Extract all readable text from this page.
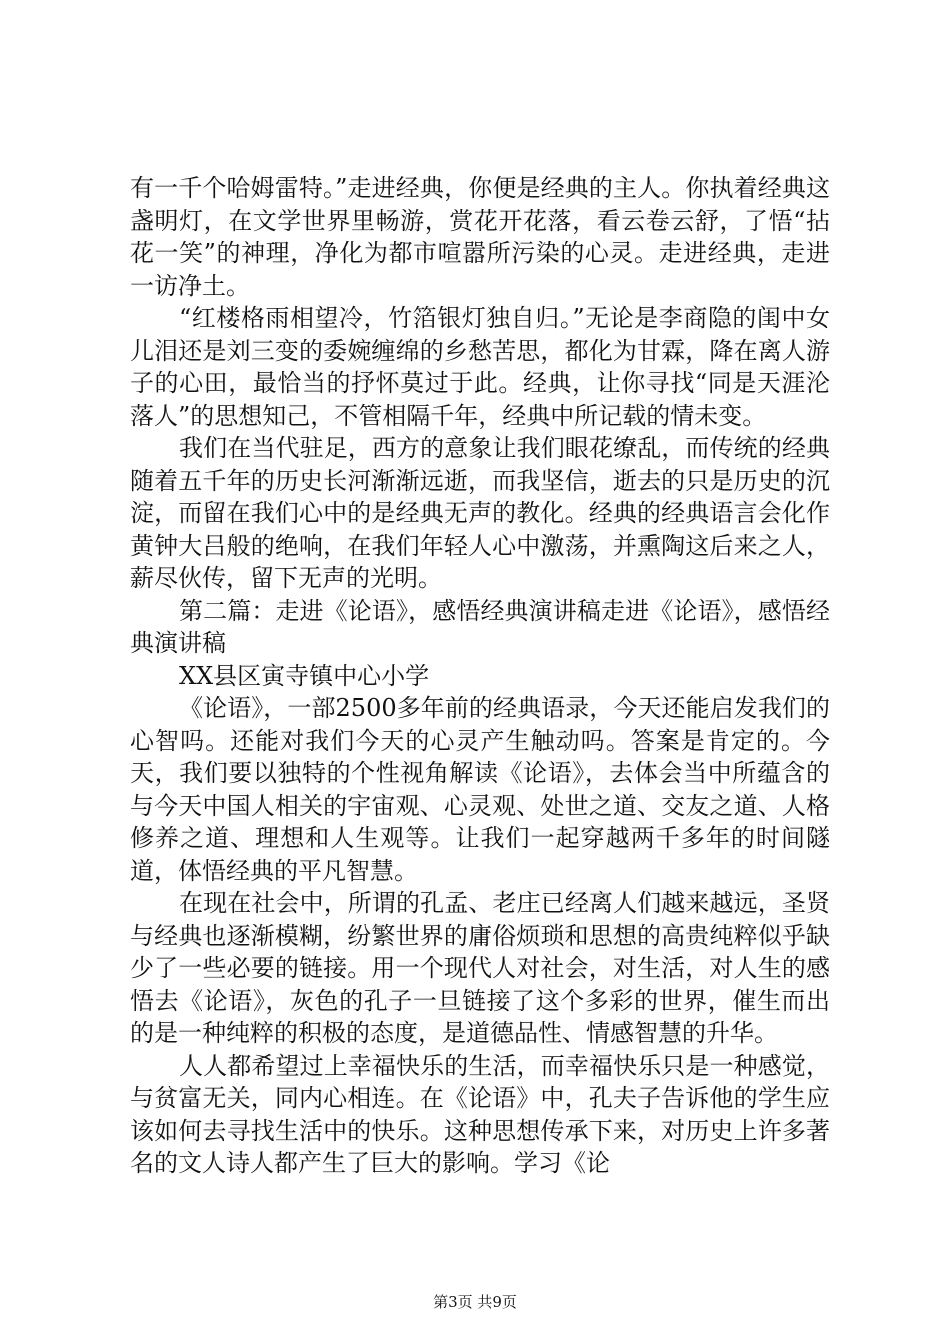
有一千个哈姆雷特。”走进经典，你便是经典的主人。你执着经典这盏明灯，在文学世界里畅游，赏花开花落，看云卷云舒，了悟“拈花一笑”的神理，净化为都市喧嚣所污染的心灵。走进经典，走进一访净土。

“红楼格雨相望冷，竹箔银灯独自归。”无论是李商隐的闺中女儿泪还是刘三变的委婉缠绵的乡愁苦思，都化为甘霖，降在离人游子的心田，最恰当的抒怀莫过于此。经典，让你寻找“同是天涯沦落人”的思想知己，不管相隔千年，经典中所记载的情未变。

我们在当代驻足，西方的意象让我们眼花缭乱，而传统的经典随着五千年的历史长河渐渐远逝，而我坚信，逝去的只是历史的沉淀，而留在我们心中的是经典无声的教化。经典的经典语言会化作黄钟大吕般的绝响，在我们年轻人心中激荡，并熏陶这后来之人，薪尽伙传，留下无声的光明。

第二篇：走进《论语》，感悟经典演讲稿走进《论语》，感悟经典演讲稿

XX县区寅寺镇中心小学

《论语》，一部2500多年前的经典语录，今天还能启发我们的心智吗。还能对我们今天的心灵产生触动吗。答案是肯定的。今天，我们要以独特的个性视角解读《论语》，去体会当中所蕴含的与今天中国人相关的宇宙观、心灵观、处世之道、交友之道、人格修养之道、理想和人生观等。让我们一起穿越两千多年的时间隧道，体悟经典的平凡智慧。

在现在社会中，所谓的孔孟、老庄已经离人们越来越远，圣贤与经典也逐渐模糊，纷繁世界的庸俗烦琐和思想的高贵纯粹似乎缺少了一些必要的链接。用一个现代人对社会，对生活，对人生的感悟去《论语》，灰色的孔子一旦链接了这个多彩的世界，催生而出的是一种纯粹的积极的态度，是道德品性、情感智慧的升华。

人人都希望过上幸福快乐的生活，而幸福快乐只是一种感觉，与贫富无关，同内心相连。在《论语》中，孔夫子告诉他的学生应该如何去寻找生活中的快乐。这种思想传承下来，对历史上许多著名的文人诗人都产生了巨大的影响。学习《论

第3页 共9页
